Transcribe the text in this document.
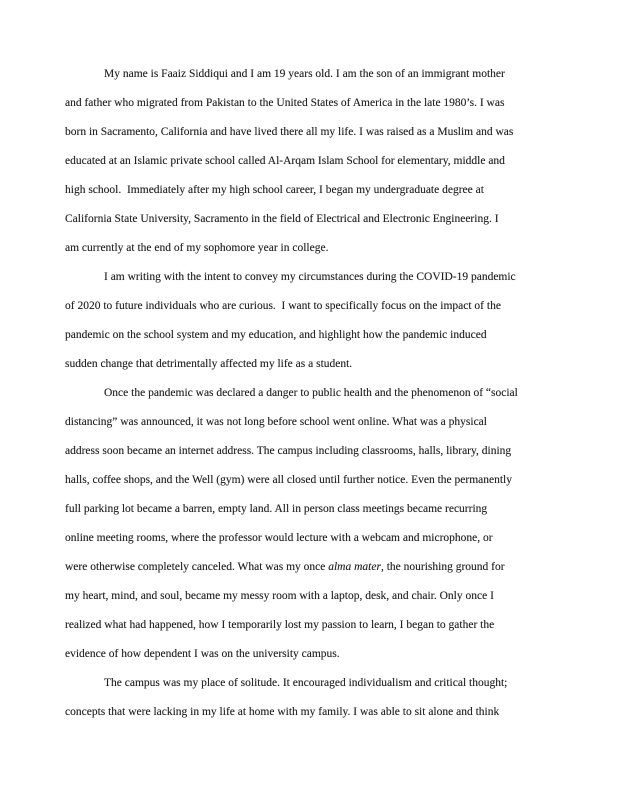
My name is Faaiz Siddiqui and I am 19 years old. I am the son of an immigrant mother
and father who migrated from Pakistan to the United States of America in the late 1980’s. I was
born in Sacramento, California and have lived there all my life. I was raised as a Muslim and was
educated at an Islamic private school called Al-Arqam Islam School for elementary, middle and
high school.  Immediately after my high school career, I began my undergraduate degree at
California State University, Sacramento in the field of Electrical and Electronic Engineering. I
am currently at the end of my sophomore year in college.
I am writing with the intent to convey my circumstances during the COVID-19 pandemic
of 2020 to future individuals who are curious.  I want to specifically focus on the impact of the
pandemic on the school system and my education, and highlight how the pandemic induced
sudden change that detrimentally affected my life as a student.
Once the pandemic was declared a danger to public health and the phenomenon of “social
distancing” was announced, it was not long before school went online. What was a physical
address soon became an internet address. The campus including classrooms, halls, library, dining
halls, coffee shops, and the Well (gym) were all closed until further notice. Even the permanently
full parking lot became a barren, empty land. All in person class meetings became recurring
online meeting rooms, where the professor would lecture with a webcam and microphone, or
were otherwise completely canceled. What was my once alma mater, the nourishing ground for
my heart, mind, and soul, became my messy room with a laptop, desk, and chair. Only once I
realized what had happened, how I temporarily lost my passion to learn, I began to gather the
evidence of how dependent I was on the university campus.
The campus was my place of solitude. It encouraged individualism and critical thought;
concepts that were lacking in my life at home with my family. I was able to sit alone and think
